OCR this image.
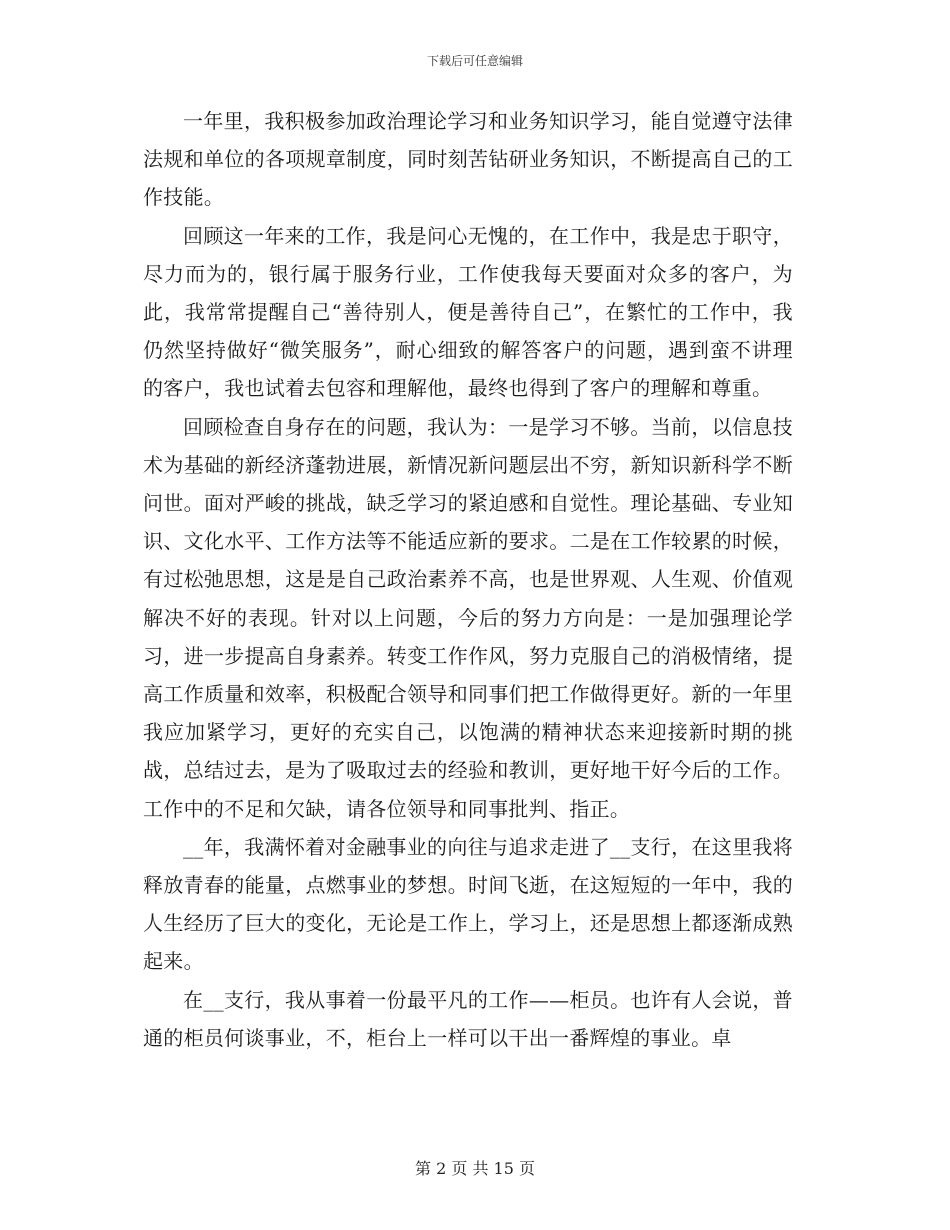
下载后可任意编辑

一年里，我积极参加政治理论学习和业务知识学习，能自觉遵守法律法规和单位的各项规章制度，同时刻苦钻研业务知识，不断提高自己的工作技能。

回顾这一年来的工作，我是问心无愧的，在工作中，我是忠于职守，尽力而为的，银行属于服务行业，工作使我每天要面对众多的客户，为此，我常常提醒自己“善待别人，便是善待自己”，在繁忙的工作中，我仍然坚持做好“微笑服务”，耐心细致的解答客户的问题，遇到蛮不讲理的客户，我也试着去包容和理解他，最终也得到了客户的理解和尊重。

回顾检查自身存在的问题，我认为：一是学习不够。当前，以信息技术为基础的新经济蓬勃进展，新情况新问题层出不穷，新知识新科学不断问世。面对严峻的挑战，缺乏学习的紧迫感和自觉性。理论基础、专业知识、文化水平、工作方法等不能适应新的要求。二是在工作较累的时候，有过松弛思想，这是是自己政治素养不高，也是世界观、人生观、价值观解决不好的表现。针对以上问题，今后的努力方向是：一是加强理论学习，进一步提高自身素养。转变工作作风，努力克服自己的消极情绪，提高工作质量和效率，积极配合领导和同事们把工作做得更好。新的一年里我应加紧学习，更好的充实自己，以饱满的精神状态来迎接新时期的挑战，总结过去，是为了吸取过去的经验和教训，更好地干好今后的工作。工作中的不足和欠缺，请各位领导和同事批判、指正。

__年，我满怀着对金融事业的向往与追求走进了__支行，在这里我将释放青春的能量，点燃事业的梦想。时间飞逝，在这短短的一年中，我的人生经历了巨大的变化，无论是工作上，学习上，还是思想上都逐渐成熟起来。

在__支行，我从事着一份最平凡的工作——柜员。也许有人会说，普通的柜员何谈事业，不，柜台上一样可以干出一番辉煌的事业。卓

第 2 页 共 15 页
